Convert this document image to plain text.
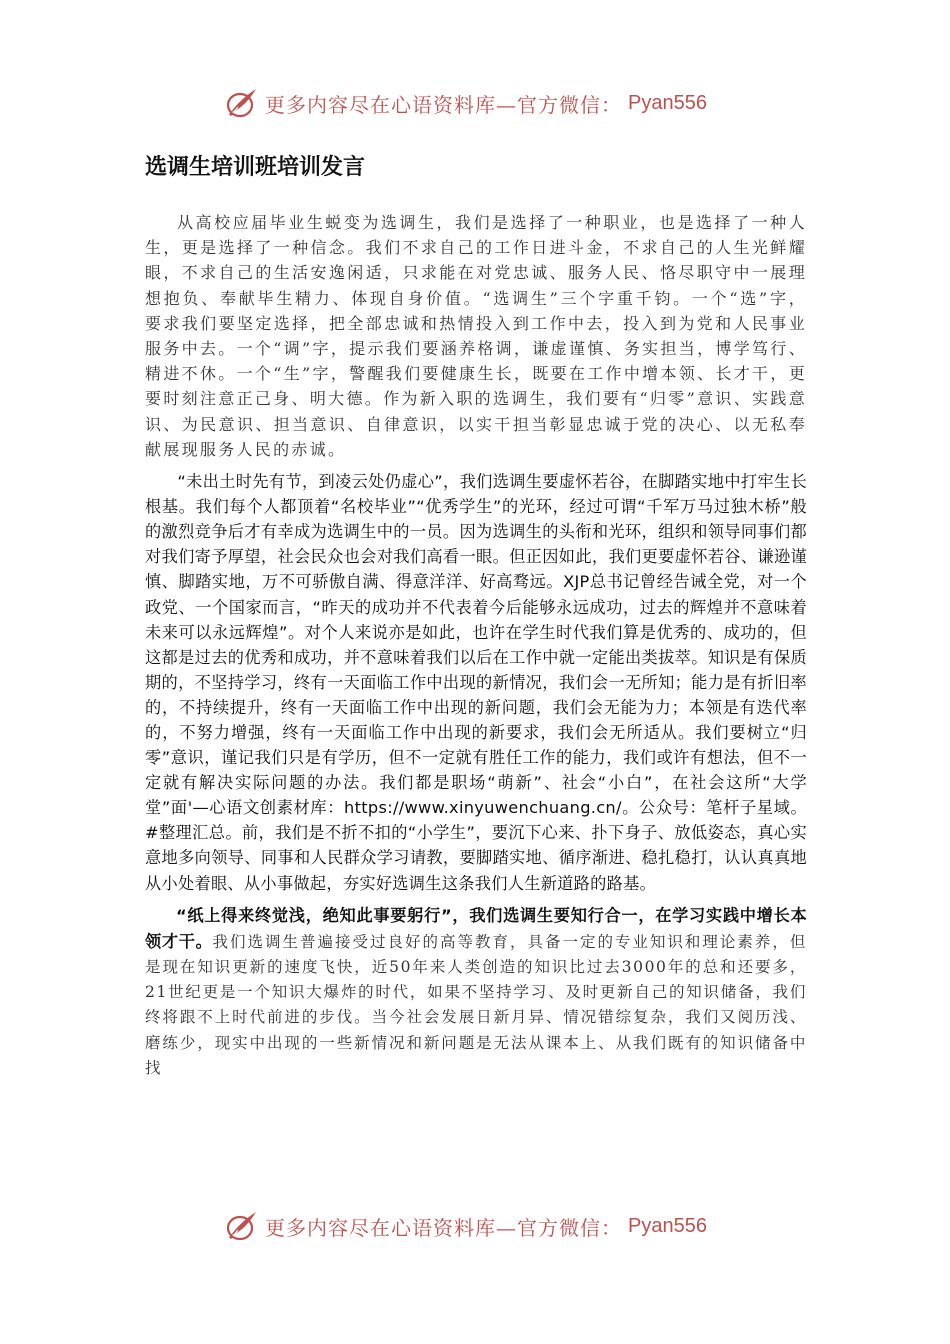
更多内容尽在心语资料库—官方微信： Pyan556
选调生培训班培训发言

从高校应届毕业生蜕变为选调生，我们是选择了一种职业，也是选择了一种人生，更是选择了一种信念。我们不求自己的工作日进斗金，不求自己的人生光鲜耀眼，不求自己的生活安逸闲适，只求能在对党忠诚、服务人民、恪尽职守中一展理想抱负、奉献毕生精力、体现自身价值。“选调生”三个字重千钧。一个“选”字，要求我们要坚定选择，把全部忠诚和热情投入到工作中去，投入到为党和人民事业服务中去。一个“调”字，提示我们要涵养格调，谦虚谨慎、务实担当，博学笃行、精进不休。一个“生”字，警醒我们要健康生长，既要在工作中增本领、长才干，更要时刻注意正己身、明大德。作为新入职的选调生，我们要有“归零”意识、实践意识、为民意识、担当意识、自律意识，以实干担当彰显忠诚于党的决心、以无私奉献展现服务人民的赤诚。

“未出土时先有节，到凌云处仍虚心”，我们选调生要虚怀若谷，在脚踏实地中打牢生长根基。我们每个人都顶着“名校毕业”“优秀学生”的光环，经过可谓“千军万马过独木桥”般的激烈竞争后才有幸成为选调生中的一员。因为选调生的头衔和光环，组织和领导同事们都对我们寄予厚望，社会民众也会对我们高看一眼。但正因如此，我们更要虚怀若谷、谦逊谨慎、脚踏实地，万不可骄傲自满、得意洋洋、好高骛远。XJP总书记曾经告诫全党，对一个政党、一个国家而言，“昨天的成功并不代表着今后能够永远成功，过去的辉煌并不意味着未来可以永远辉煌”。对个人来说亦是如此，也许在学生时代我们算是优秀的、成功的，但这都是过去的优秀和成功，并不意味着我们以后在工作中就一定能出类拔萃。知识是有保质期的，不坚持学习，终有一天面临工作中出现的新情况，我们会一无所知；能力是有折旧率的，不持续提升，终有一天面临工作中出现的新问题，我们会无能为力；本领是有迭代率的，不努力增强，终有一天面临工作中出现的新要求，我们会无所适从。我们要树立“归零”意识，谨记我们只是有学历，但不一定就有胜任工作的能力，我们或许有想法，但不一定就有解决实际问题的办法。我们都是职场“萌新”、社会“小白”，在社会这所“大学堂”面'—心语文创素材库：https://www.xinyuwenchuang.cn/。公众号：笔杆子星域。#整理汇总。前，我们是不折不扣的“小学生”，要沉下心来、扑下身子、放低姿态，真心实意地多向领导、同事和人民群众学习请教，要脚踏实地、循序渐进、稳扎稳打，认认真真地从小处着眼、从小事做起，夯实好选调生这条我们人生新道路的路基。

“纸上得来终觉浅，绝知此事要躬行”，我们选调生要知行合一，在学习实践中增长本领才干。我们选调生普遍接受过良好的高等教育，具备一定的专业知识和理论素养，但是现在知识更新的速度飞快，近50年来人类创造的知识比过去3000年的总和还要多，21世纪更是一个知识大爆炸的时代，如果不坚持学习、及时更新自己的知识储备，我们终将跟不上时代前进的步伐。当今社会发展日新月异、情况错综复杂，我们又阅历浅、磨练少，现实中出现的一些新情况和新问题是无法从课本上、从我们既有的知识储备中找

更多内容尽在心语资料库—官方微信： Pyan556
